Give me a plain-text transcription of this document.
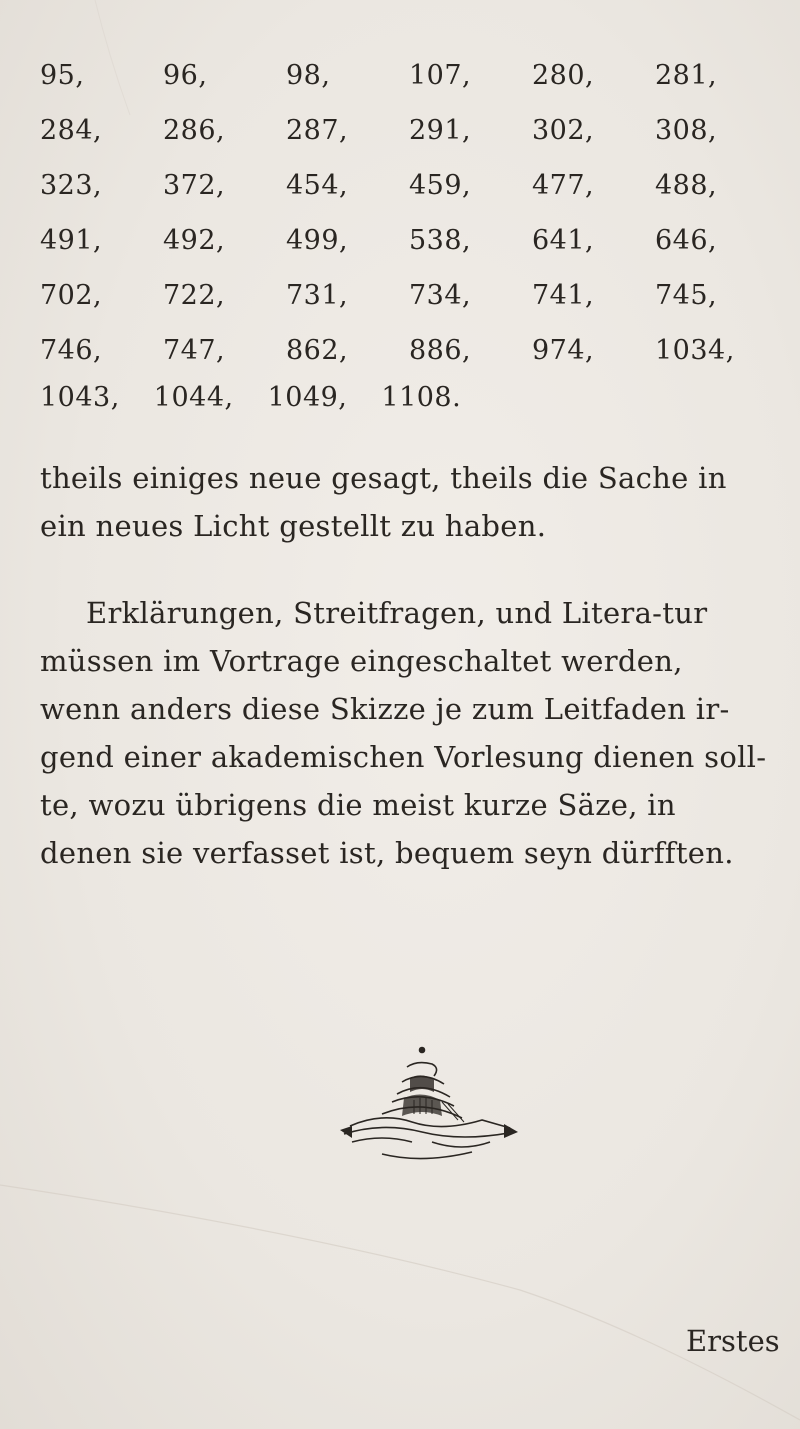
95,	96,	98,	107,	280,	281,
284,	286,	287,	291,	302,	308,
323,	372,	454,	459,	477,	488,
491,	492,	499,	538,	641,	646,
702,	722,	731,	734,	741,	745,
746,	747,	862,	886,	974,	1034,
1043, 1044, 1049, 1108.

theils einiges neue gesagt, theils die Sache in ein neues Licht gestellt zu haben.

Erklärungen, Streitfragen, und Litera-tur müssen im Vortrage eingeschaltet werden, wenn anders diese Skizze je zum Leitfaden ir-gend einer akademischen Vorlesung dienen soll-te, wozu übrigens die meist kurze Säze, in denen sie verfasset ist, bequem seyn dürfften.

Erstes
